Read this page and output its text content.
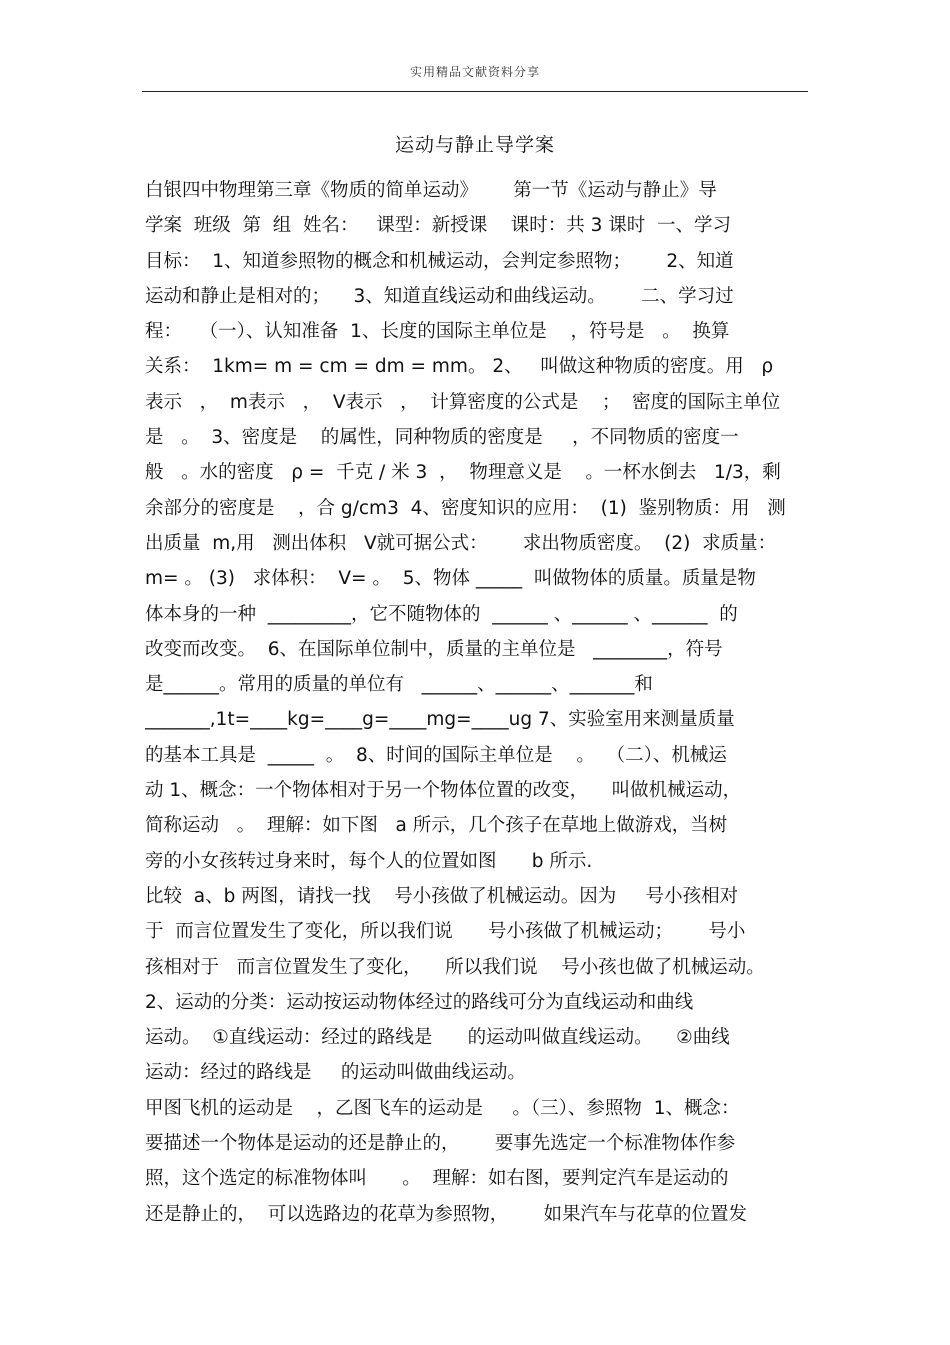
实用精品文献资料分享
运动与静止导学案
白银四中物理第三章《物质的简单运动》      第一节《运动与静止》导
学案  班级  第  组  姓名：   课型：新授课    课时：共 3 课时  一、学习
目标：  1、知道参照物的概念和机械运动，会判定参照物；      2、知道
运动和静止是相对的；    3、知道直线运动和曲线运动。      二、学习过
程：   （一）、认知准备  1、长度的国际主单位是    ，符号是   。  换算
关系：  1km= m = cm = dm = mm。 2、   叫做这种物质的密度。用   ρ
表示   ，  m表示   ，  V表示   ，  计算密度的公式是    ；  密度的国际主单位
是   。  3、密度是    的属性，同种物质的密度是     ，不同物质的密度一
般   。水的密度   ρ =  千克 / 米 3  ，  物理意义是    。一杯水倒去   1/3，剩
余部分的密度是    ，合 g/cm3  4、密度知识的应用：  (1)  鉴别物质：用   测
出质量  m,用   测出体积   V就可据公式：      求出物质密度。  (2)  求质量：
m= 。 (3)   求体积：  V= 。  5、物体 _____  叫做物体的质量。质量是物
体本身的一种  _________，它不随物体的  ______ 、______ 、______  的
改变而改变。  6、在国际单位制中，质量的主单位是   ________，符号
是______。常用的质量的单位有   ______、______、_______和
_______,1t=____kg=____g=____mg=____ug 7、实验室用来测量质量
的基本工具是  _____  。  8、时间的国际主单位是    。  （二）、机械运
动 1、概念：一个物体相对于另一个物体位置的改变，    叫做机械运动，
简称运动   。  理解：如下图   a 所示，几个孩子在草地上做游戏，当树
旁的小女孩转过身来时，每个人的位置如图      b 所示.
比较  a、b 两图，请找一找    号小孩做了机械运动。因为     号小孩相对
于  而言位置发生了变化，所以我们说      号小孩做了机械运动；      号小
孩相对于   而言位置发生了变化，    所以我们说    号小孩也做了机械运动。
2、运动的分类：运动按运动物体经过的路线可分为直线运动和曲线
运动。  ①直线运动：经过的路线是      的运动叫做直线运动。    ②曲线
运动：经过的路线是     的运动叫做曲线运动。
甲图飞机的运动是    ，乙图飞车的运动是     。（三）、参照物  1、概念：
要描述一个物体是运动的还是静止的，      要事先选定一个标准物体作参
照，这个选定的标准物体叫      。  理解：如右图，要判定汽车是运动的
还是静止的，  可以选路边的花草为参照物，      如果汽车与花草的位置发
